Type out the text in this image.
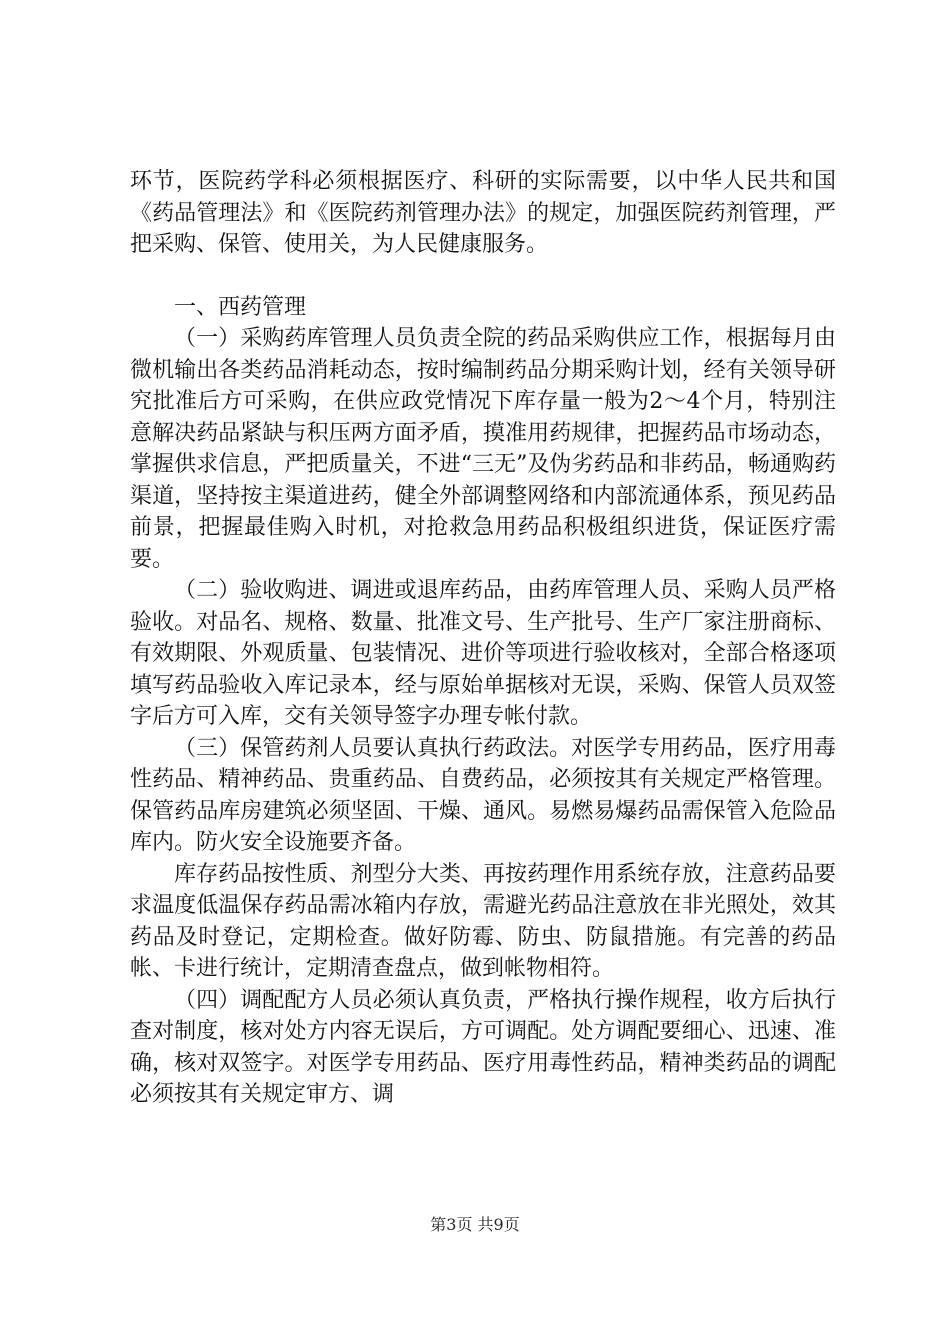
环节，医院药学科必须根据医疗、科研的实际需要，以中华人民共和国《药品管理法》和《医院药剂管理办法》的规定，加强医院药剂管理，严把采购、保管、使用关，为人民健康服务。

一、西药管理

（一）采购药库管理人员负责全院的药品采购供应工作，根据每月由微机输出各类药品消耗动态，按时编制药品分期采购计划，经有关领导研究批准后方可采购，在供应政党情况下库存量一般为2～4个月，特别注意解决药品紧缺与积压两方面矛盾，摸准用药规律，把握药品市场动态，掌握供求信息，严把质量关，不进“三无”及伪劣药品和非药品，畅通购药渠道，坚持按主渠道进药，健全外部调整网络和内部流通体系，预见药品前景，把握最佳购入时机，对抢救急用药品积极组织进货，保证医疗需要。

（二）验收购进、调进或退库药品，由药库管理人员、采购人员严格验收。对品名、规格、数量、批准文号、生产批号、生产厂家注册商标、有效期限、外观质量、包装情况、进价等项进行验收核对，全部合格逐项填写药品验收入库记录本，经与原始单据核对无误，采购、保管人员双签字后方可入库，交有关领导签字办理专帐付款。

（三）保管药剂人员要认真执行药政法。对医学专用药品，医疗用毒性药品、精神药品、贵重药品、自费药品，必须按其有关规定严格管理。保管药品库房建筑必须坚固、干燥、通风。易燃易爆药品需保管入危险品库内。防火安全设施要齐备。

库存药品按性质、剂型分大类、再按药理作用系统存放，注意药品要求温度低温保存药品需冰箱内存放，需避光药品注意放在非光照处，效其药品及时登记，定期检查。做好防霉、防虫、防鼠措施。有完善的药品帐、卡进行统计，定期清查盘点，做到帐物相符。

（四）调配配方人员必须认真负责，严格执行操作规程，收方后执行查对制度，核对处方内容无误后，方可调配。处方调配要细心、迅速、准确，核对双签字。对医学专用药品、医疗用毒性药品，精神类药品的调配必须按其有关规定审方、调

第3页 共9页
